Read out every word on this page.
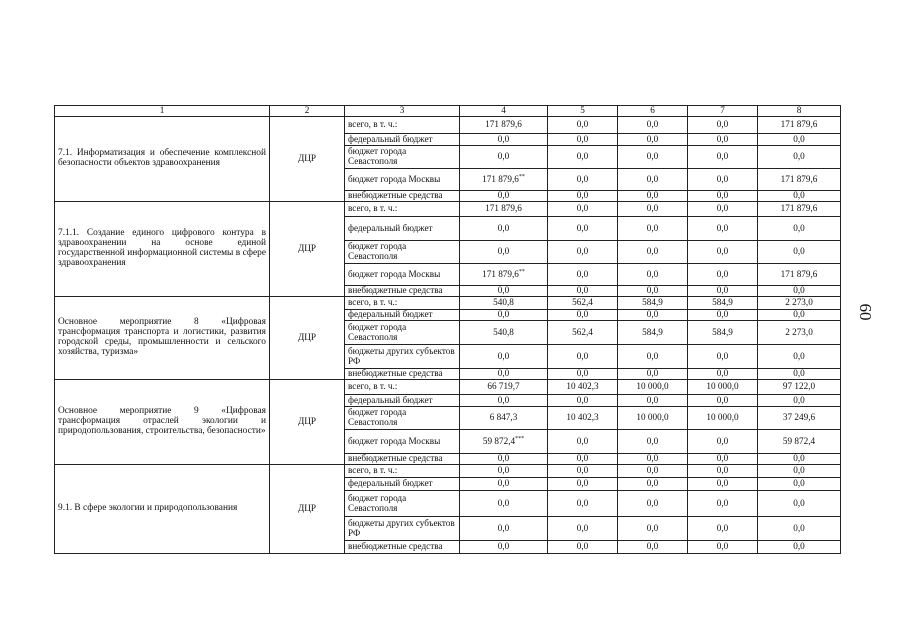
1	2	3	4	5	6	7	8
7.1. Информатизация и обеспечение комплексной безопасности объектов здравоохранения	ДЦР	всего, в т. ч.:	171 879,6	0,0	0,0	0,0	171 879,6
		федеральный бюджет	0,0	0,0	0,0	0,0	0,0
		бюджет города Севастополя	0,0	0,0	0,0	0,0	0,0
		бюджет города Москвы	171 879,6**	0,0	0,0	0,0	171 879,6
		внебюджетные средства	0,0	0,0	0,0	0,0	0,0
7.1.1. Создание единого цифрового контура в здравоохранении на основе единой государственной информационной системы в сфере здравоохранения	ДЦР	всего, в т. ч.:	171 879,6	0,0	0,0	0,0	171 879,6
		федеральный бюджет	0,0	0,0	0,0	0,0	0,0
		бюджет города Севастополя	0,0	0,0	0,0	0,0	0,0
		бюджет города Москвы	171 879,6**	0,0	0,0	0,0	171 879,6
		внебюджетные средства	0,0	0,0	0,0	0,0	0,0
Основное мероприятие 8 «Цифровая трансформация транспорта и логистики, развития городской среды, промышленности и сельского хозяйства, туризма»	ДЦР	всего, в т. ч.:	540,8	562,4	584,9	584,9	2 273,0
		федеральный бюджет	0,0	0,0	0,0	0,0	0,0
		бюджет города Севастополя	540,8	562,4	584,9	584,9	2 273,0
		бюджеты других субъектов РФ	0,0	0,0	0,0	0,0	0,0
		внебюджетные средства	0,0	0,0	0,0	0,0	0,0
Основное мероприятие 9 «Цифровая трансформация отраслей экологии и природопользования, строительства, безопасности»	ДЦР	всего, в т. ч.:	66 719,7	10 402,3	10 000,0	10 000,0	97 122,0
		федеральный бюджет	0,0	0,0	0,0	0,0	0,0
		бюджет города Севастополя	6 847,3	10 402,3	10 000,0	10 000,0	37 249,6
		бюджет города Москвы	59 872,4***	0,0	0,0	0,0	59 872,4
		внебюджетные средства	0,0	0,0	0,0	0,0	0,0
9.1. В сфере экологии и природопользования	ДЦР	всего, в т. ч.:	0,0	0,0	0,0	0,0	0,0
		федеральный бюджет	0,0	0,0	0,0	0,0	0,0
		бюджет города Севастополя	0,0	0,0	0,0	0,0	0,0
		бюджеты других субъектов РФ	0,0	0,0	0,0	0,0	0,0
		внебюджетные средства	0,0	0,0	0,0	0,0	0,0
60
